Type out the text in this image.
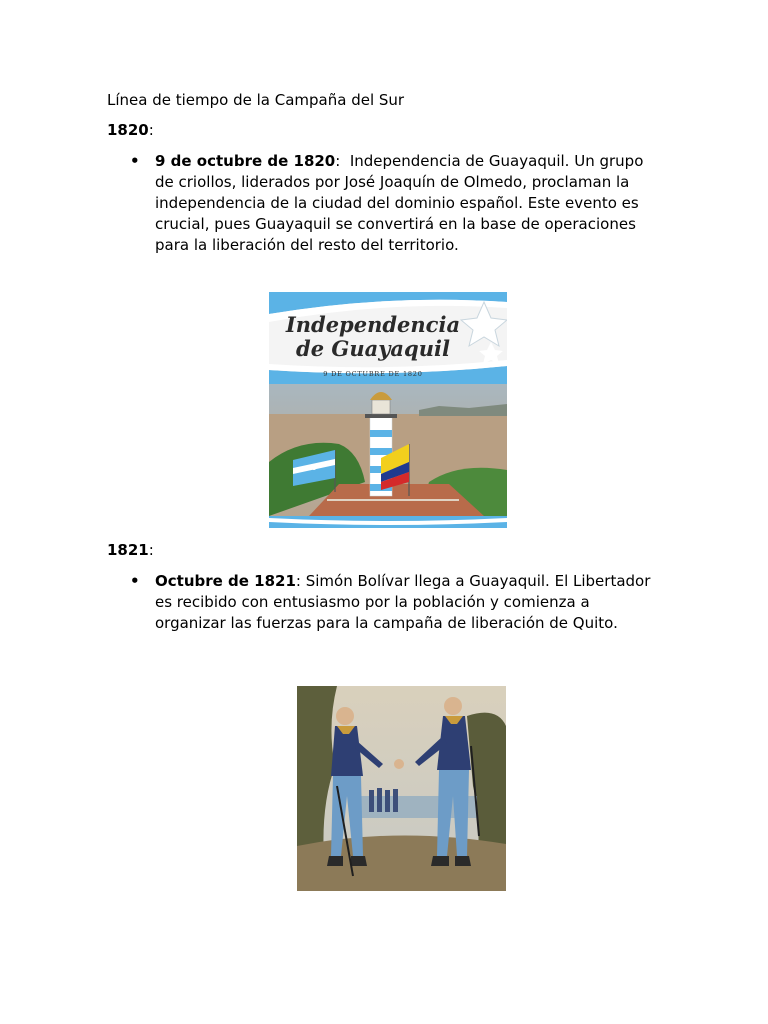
Línea de tiempo de la Campaña del Sur

1820:

• 9 de octubre de 1820:  Independencia de Guayaquil. Un grupo de criollos, liderados por José Joaquín de Olmedo, proclaman la independencia de la ciudad del dominio español. Este evento es crucial, pues Guayaquil se convertirá en la base de operaciones para la liberación del resto del territorio.
Independencia
de Guayaquil
9 DE OCTUBRE DE 1820

1821:

• Octubre de 1821: Simón Bolívar llega a Guayaquil. El Libertador es recibido con entusiasmo por la población y comienza a organizar las fuerzas para la campaña de liberación de Quito.
